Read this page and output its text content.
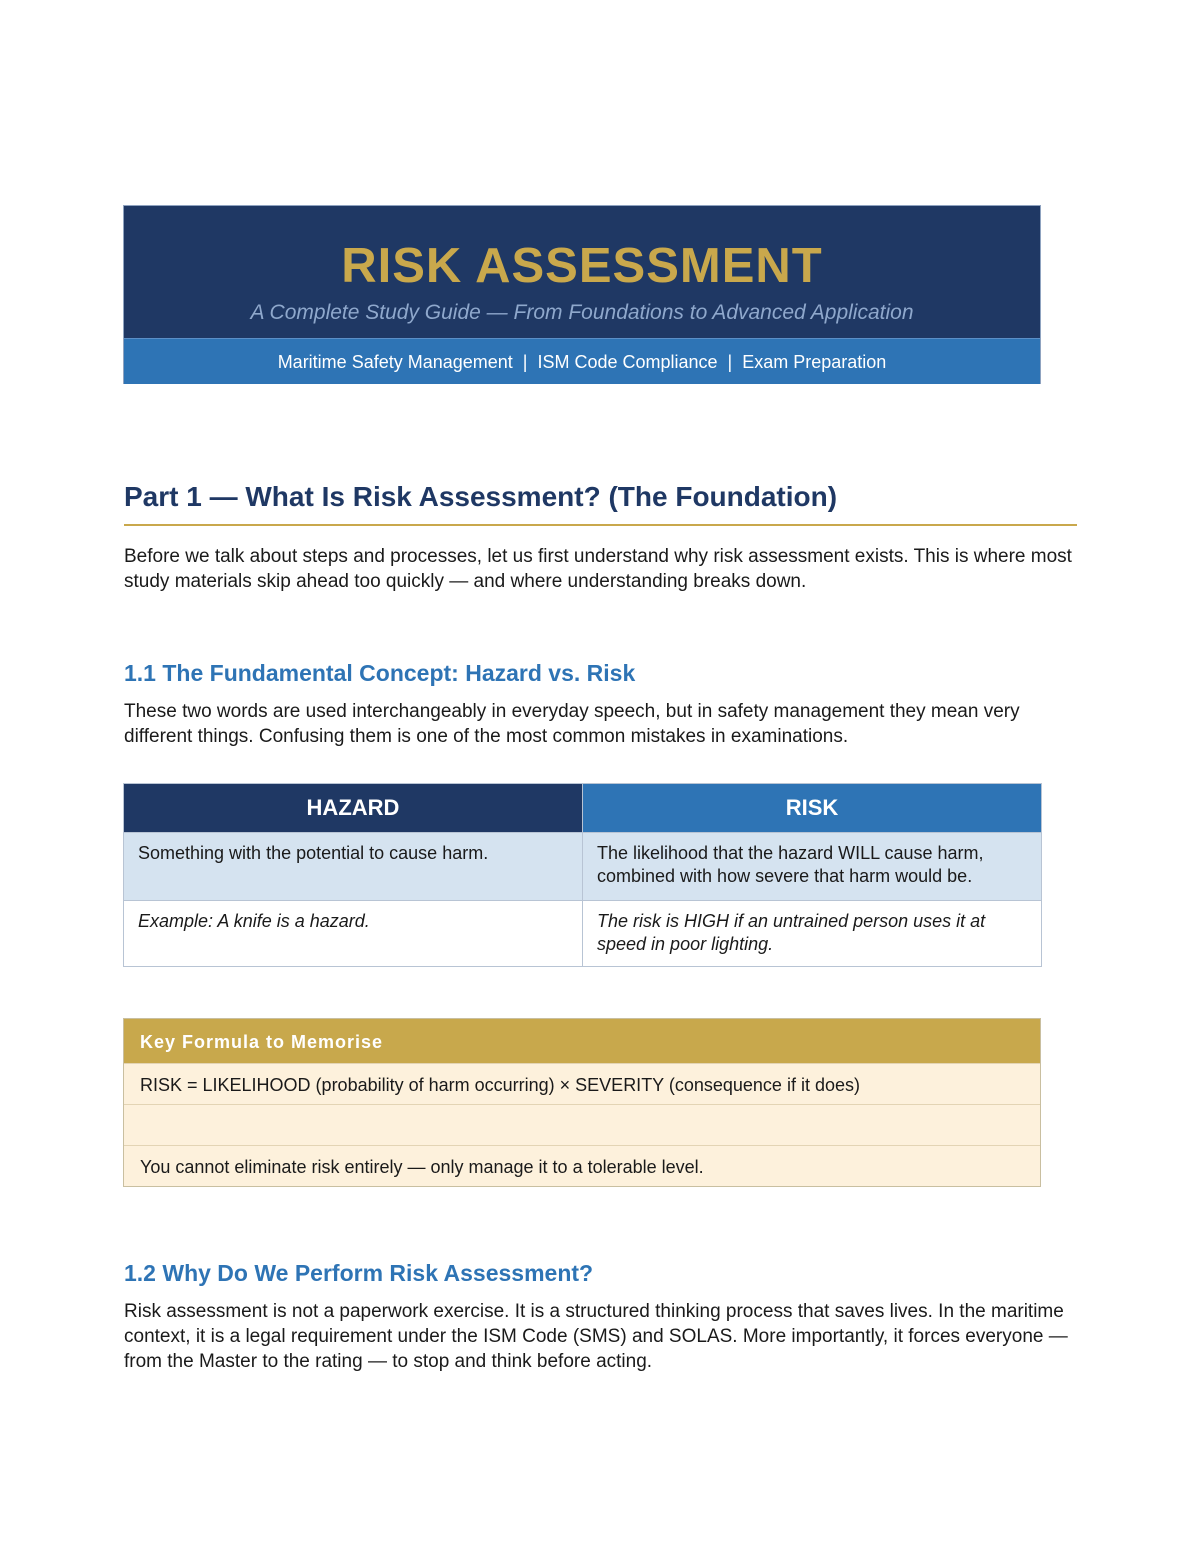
RISK ASSESSMENT
A Complete Study Guide — From Foundations to Advanced Application
Maritime Safety Management  |  ISM Code Compliance  |  Exam Preparation
Part 1 — What Is Risk Assessment? (The Foundation)

Before we talk about steps and processes, let us first understand why risk assessment exists. This is where most study materials skip ahead too quickly — and where understanding breaks down.

1.1 The Fundamental Concept: Hazard vs. Risk

These two words are used interchangeably in everyday speech, but in safety management they mean very different things. Confusing them is one of the most common mistakes in examinations.

HAZARD	RISK
Something with the potential to cause harm.	The likelihood that the hazard WILL cause harm, combined with how severe that harm would be.
Example: A knife is a hazard.	The risk is HIGH if an untrained person uses it at speed in poor lighting.
Key Formula to Memorise
RISK = LIKELIHOOD (probability of harm occurring) × SEVERITY (consequence if it does)
You cannot eliminate risk entirely — only manage it to a tolerable level.
1.2 Why Do We Perform Risk Assessment?

Risk assessment is not a paperwork exercise. It is a structured thinking process that saves lives. In the maritime context, it is a legal requirement under the ISM Code (SMS) and SOLAS. More importantly, it forces everyone — from the Master to the rating — to stop and think before acting.
